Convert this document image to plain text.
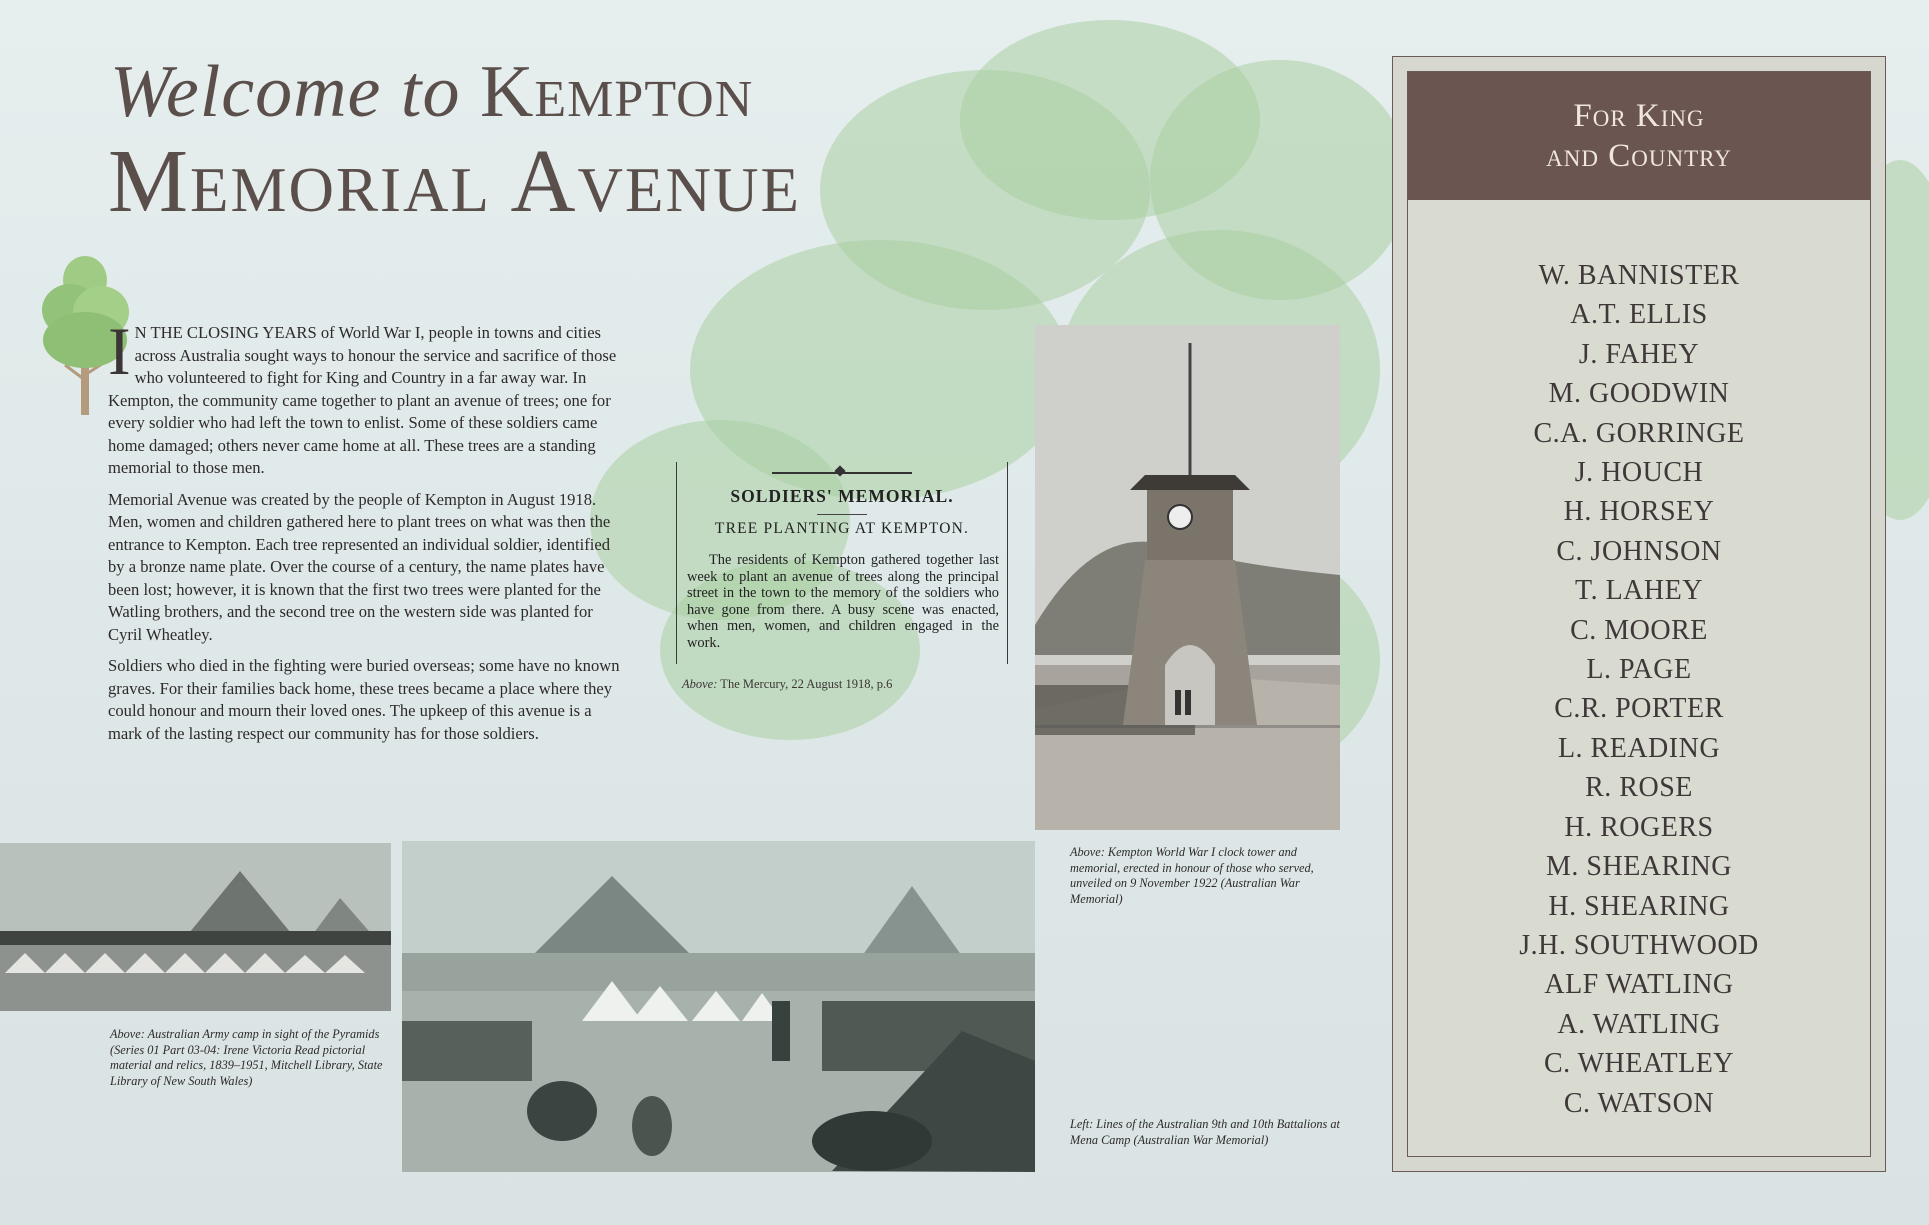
Welcome to Kempton
Memorial Avenue

I N THE CLOSING YEARS of World War I, people in towns and cities across Australia sought ways to honour the service and sacrifice of those who volunteered to fight for King and Country in a far away war. In Kempton, the community came together to plant an avenue of trees; one for every soldier who had left the town to enlist. Some of these soldiers came home damaged; others never came home at all. These trees are a standing memorial to those men.

Memorial Avenue was created by the people of Kempton in August 1918. Men, women and children gathered here to plant trees on what was then the entrance to Kempton. Each tree represented an individual soldier, identified by a bronze name plate. Over the course of a century, the name plates have been lost; however, it is known that the first two trees were planted for the Watling brothers, and the second tree on the western side was planted for Cyril Wheatley.

Soldiers who died in the fighting were buried overseas; some have no known graves. For their families back home, these trees became a place where they could honour and mourn their loved ones. The upkeep of this avenue is a mark of the lasting respect our community has for those soldiers.

SOLDIERS' MEMORIAL.
TREE PLANTING AT KEMPTON.
The residents of Kempton gathered together last week to plant an avenue of trees along the principal street in the town to the memory of the soldiers who have gone from there. A busy scene was enacted, when men, women, and children engaged in the work.
Above: The Mercury, 22 August 1918, p.6
Above: Kempton World War I clock tower and memorial, erected in honour of those who served, unveiled on 9 November 1922 (Australian War Memorial)
Above: Australian Army camp in sight of the Pyramids (Series 01 Part 03-04: Irene Victoria Read pictorial material and relics, 1839–1951, Mitchell Library, State Library of New South Wales)
Left: Lines of the Australian 9th and 10th Battalions at Mena Camp (Australian War Memorial)
For King
and Country
W. BANNISTER
A.T. ELLIS
J. FAHEY
M. GOODWIN
C.A. GORRINGE
J. HOUCH
H. HORSEY
C. JOHNSON
T. LAHEY
C. MOORE
L. PAGE
C.R. PORTER
L. READING
R. ROSE
H. ROGERS
M. SHEARING
H. SHEARING
J.H. SOUTHWOOD
ALF WATLING
A. WATLING
C. WHEATLEY
C. WATSON
